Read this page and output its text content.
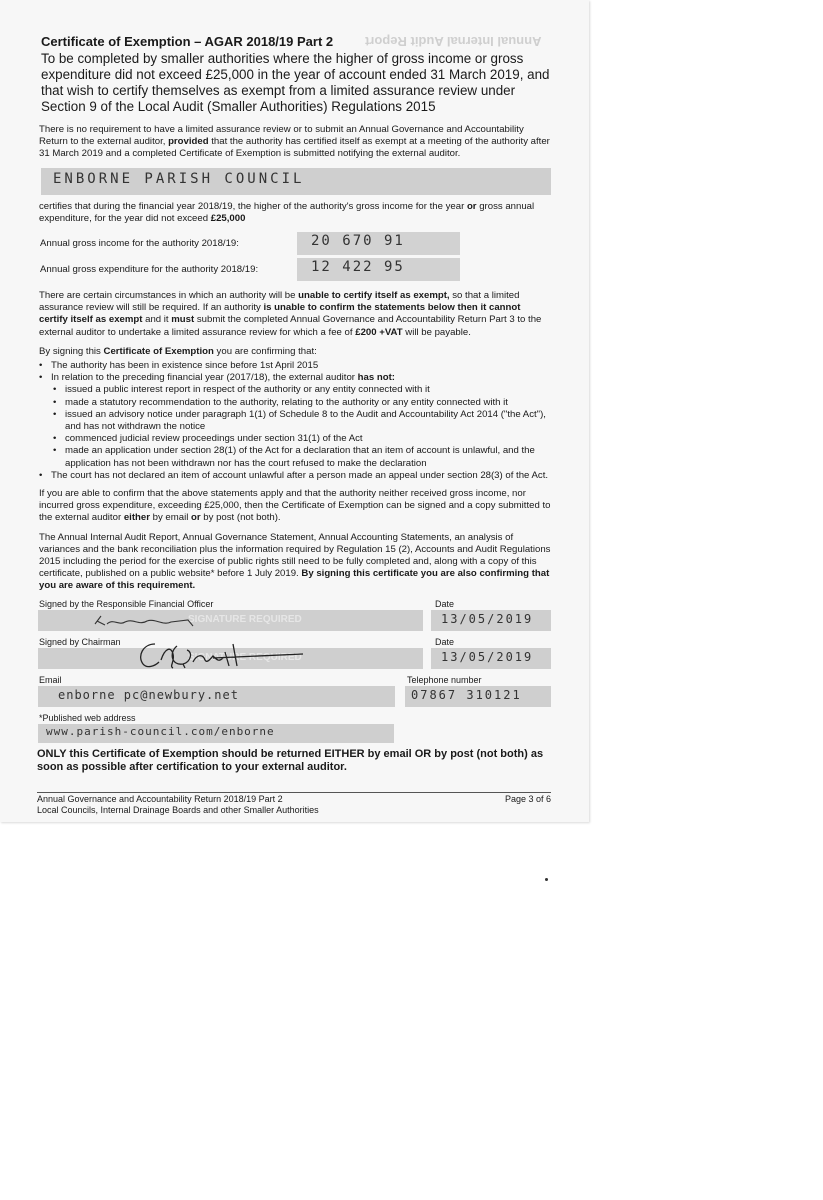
Annual Internal Audit Report
Certificate of Exemption – AGAR 2018/19 Part 2
To be completed by smaller authorities where the higher of gross income or gross expenditure did not exceed £25,000 in the year of account ended 31 March 2019, and that wish to certify themselves as exempt from a limited assurance review under Section 9 of the Local Audit (Smaller Authorities) Regulations 2015

There is no requirement to have a limited assurance review or to submit an Annual Governance and Accountability Return to the external auditor, provided that the authority has certified itself as exempt at a meeting of the authority after 31 March 2019 and a completed Certificate of Exemption is submitted notifying the external auditor.

ENBORNE PARISH COUNCIL

certifies that during the financial year 2018/19, the higher of the authority's gross income for the year or gross annual expenditure, for the year did not exceed £25,000

Annual gross income for the authority 2018/19:	20 670 91
Annual gross expenditure for the authority 2018/19:	12 422 95

There are certain circumstances in which an authority will be unable to certify itself as exempt, so that a limited assurance review will still be required. If an authority is unable to confirm the statements below then it cannot certify itself as exempt and it must submit the completed Annual Governance and Accountability Return Part 3 to the external auditor to undertake a limited assurance review for which a fee of £200 +VAT will be payable.

By signing this Certificate of Exemption you are confirming that:

• The authority has been in existence since before 1st April 2015
• In relation to the preceding financial year (2017/18), the external auditor has not:
• issued a public interest report in respect of the authority or any entity connected with it
• made a statutory recommendation to the authority, relating to the authority or any entity connected with it
• issued an advisory notice under paragraph 1(1) of Schedule 8 to the Audit and Accountability Act 2014 ("the Act"), and has not withdrawn the notice
• commenced judicial review proceedings under section 31(1) of the Act
• made an application under section 28(1) of the Act for a declaration that an item of account is unlawful, and the application has not been withdrawn nor has the court refused to make the declaration
• The court has not declared an item of account unlawful after a person made an appeal under section 28(3) of the Act.

If you are able to confirm that the above statements apply and that the authority neither received gross income, nor incurred gross expenditure, exceeding £25,000, then the Certificate of Exemption can be signed and a copy submitted to the external auditor either by email or by post (not both).

The Annual Internal Audit Report, Annual Governance Statement, Annual Accounting Statements, an analysis of variances and the bank reconciliation plus the information required by Regulation 15 (2), Accounts and Audit Regulations 2015 including the period for the exercise of public rights still need to be fully completed and, along with a copy of this certificate, published on a public website* before 1 July 2019. By signing this certificate you are also confirming that you are aware of this requirement.

Signed by the Responsible Financial Officer	Date
SIGNATURE REQUIRED	13/05/2019
Signed by Chairman	Date
SIGNATURE REQUIRED	13/05/2019
Email	Telephone number
enborne pc@newbury.net	07867 310121
*Published web address
www.parish-council.com/enborne

ONLY this Certificate of Exemption should be returned EITHER by email OR by post (not both) as soon as possible after certification to your external auditor.

Annual Governance and Accountability Return 2018/19 Part 2
Local Councils, Internal Drainage Boards and other Smaller Authorities
Page 3 of 6
